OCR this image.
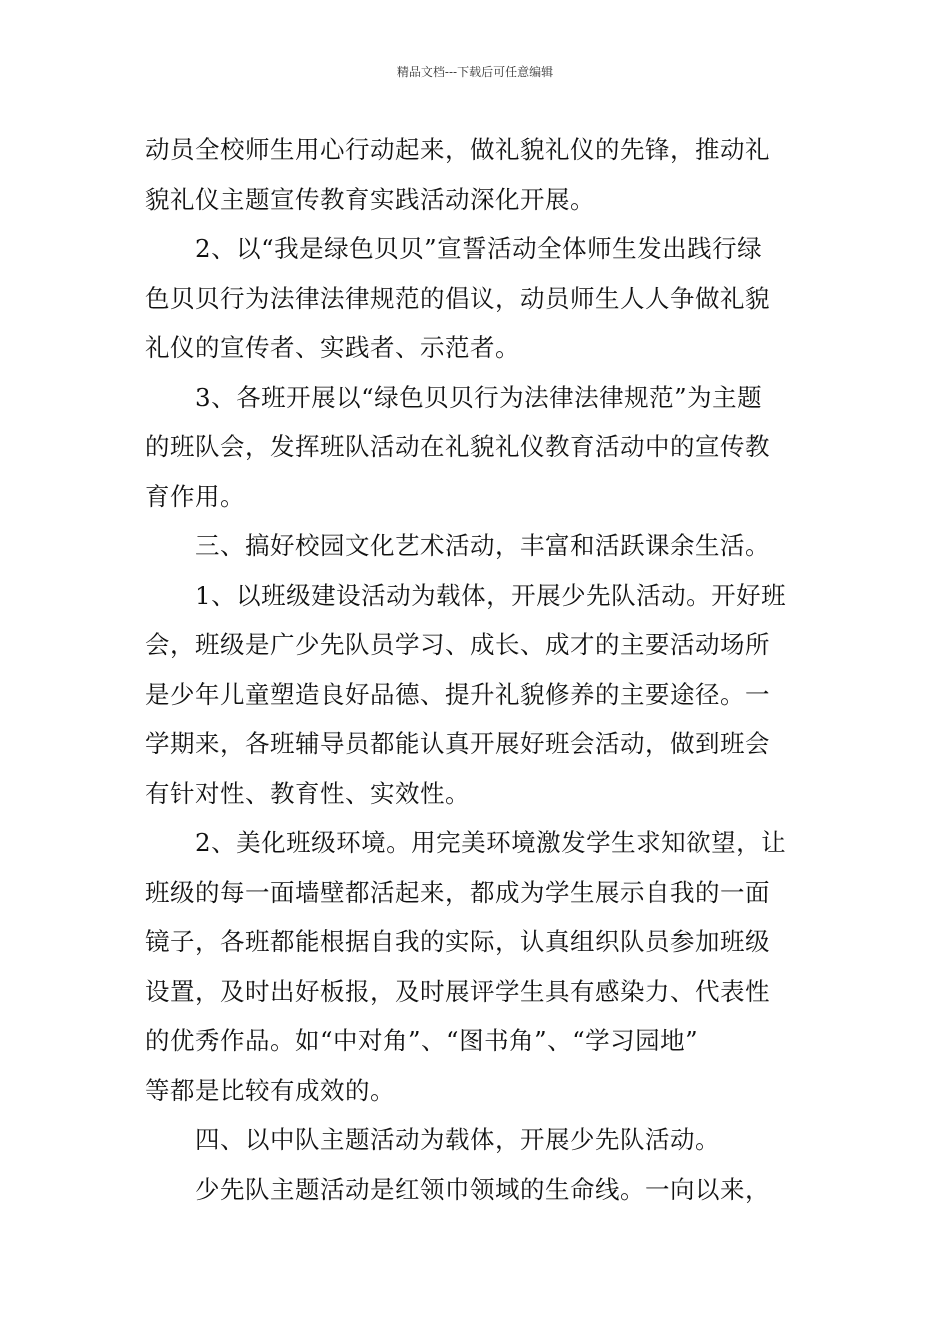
精品文档---下载后可任意编辑
动员全校师生用心行动起来，做礼貌礼仪的先锋，推动礼
貌礼仪主题宣传教育实践活动深化开展。
2、以“我是绿色贝贝”宣誓活动全体师生发出践行绿
色贝贝行为法律法律规范的倡议，动员师生人人争做礼貌
礼仪的宣传者、实践者、示范者。
3、各班开展以“绿色贝贝行为法律法律规范”为主题
的班队会，发挥班队活动在礼貌礼仪教育活动中的宣传教
育作用。
三、搞好校园文化艺术活动，丰富和活跃课余生活。
1、以班级建设活动为载体，开展少先队活动。开好班
会，班级是广少先队员学习、成长、成才的主要活动场所
是少年儿童塑造良好品德、提升礼貌修养的主要途径。一
学期来，各班辅导员都能认真开展好班会活动，做到班会
有针对性、教育性、实效性。
2、美化班级环境。用完美环境激发学生求知欲望，让
班级的每一面墙壁都活起来，都成为学生展示自我的一面
镜子，各班都能根据自我的实际，认真组织队员参加班级
设置，及时出好板报，及时展评学生具有感染力、代表性
的优秀作品。如“中对角”、“图书角”、“学习园地”
等都是比较有成效的。
四、以中队主题活动为载体，开展少先队活动。
少先队主题活动是红领巾领域的生命线。一向以来，
